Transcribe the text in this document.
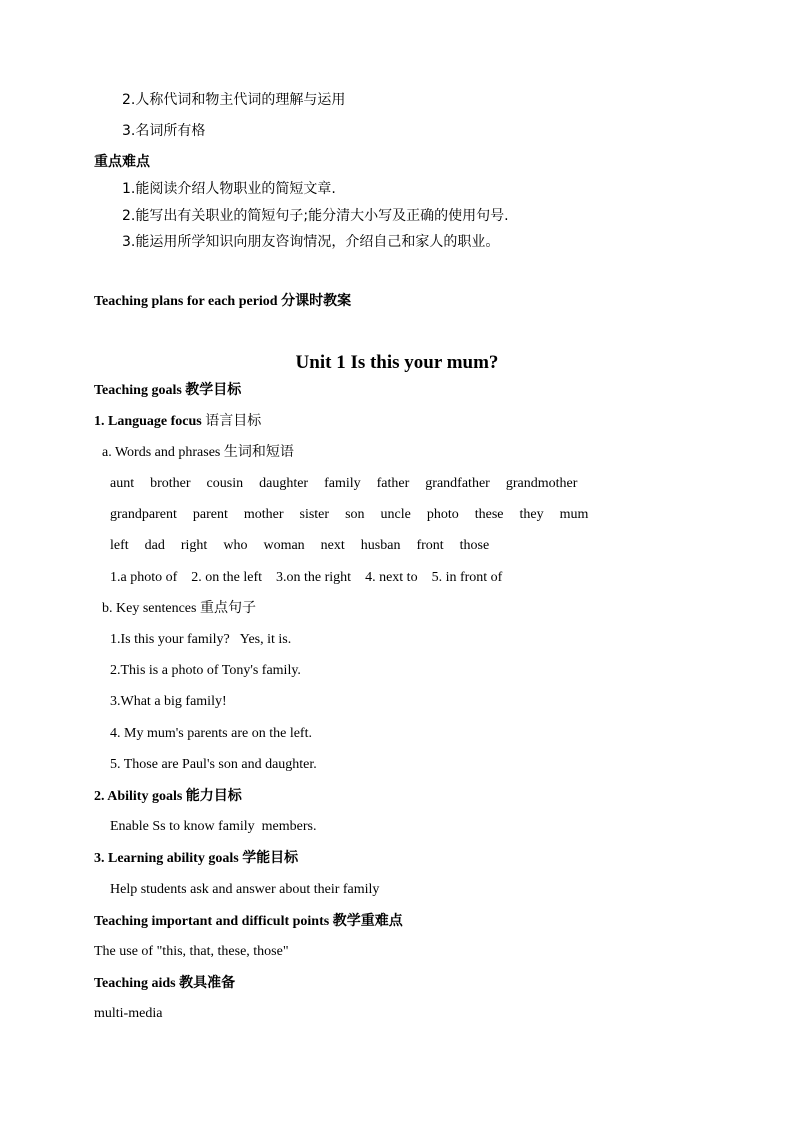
2.人称代词和物主代词的理解与运用
3.名词所有格
重点难点
1.能阅读介绍人物职业的简短文章.
2.能写出有关职业的简短句子;能分清大小写及正确的使用句号.
3.能运用所学知识向朋友咨询情况，介绍自己和家人的职业。
Teaching plans for each period 分课时教案
Unit 1 Is this your mum?
Teaching goals 教学目标
1. Language focus 语言目标
a. Words and phrases 生词和短语
aunt brother cousin daughter family father grandfather grandmother
grandparent parent mother sister son uncle photo these they mum
left dad right who woman next husban front those
1.a photo of    2. on the left    3.on the right    4. next to    5. in front of
b. Key sentences 重点句子
1.Is this your family?   Yes, it is.
2.This is a photo of Tony's family.
3.What a big family!
4. My mum's parents are on the left.
5. Those are Paul's son and daughter.
2. Ability goals 能力目标
Enable Ss to know family  members.
3. Learning ability goals 学能目标
Help students ask and answer about their family
Teaching important and difficult points 教学重难点
The use of "this, that, these, those"
Teaching aids 教具准备
multi-media
